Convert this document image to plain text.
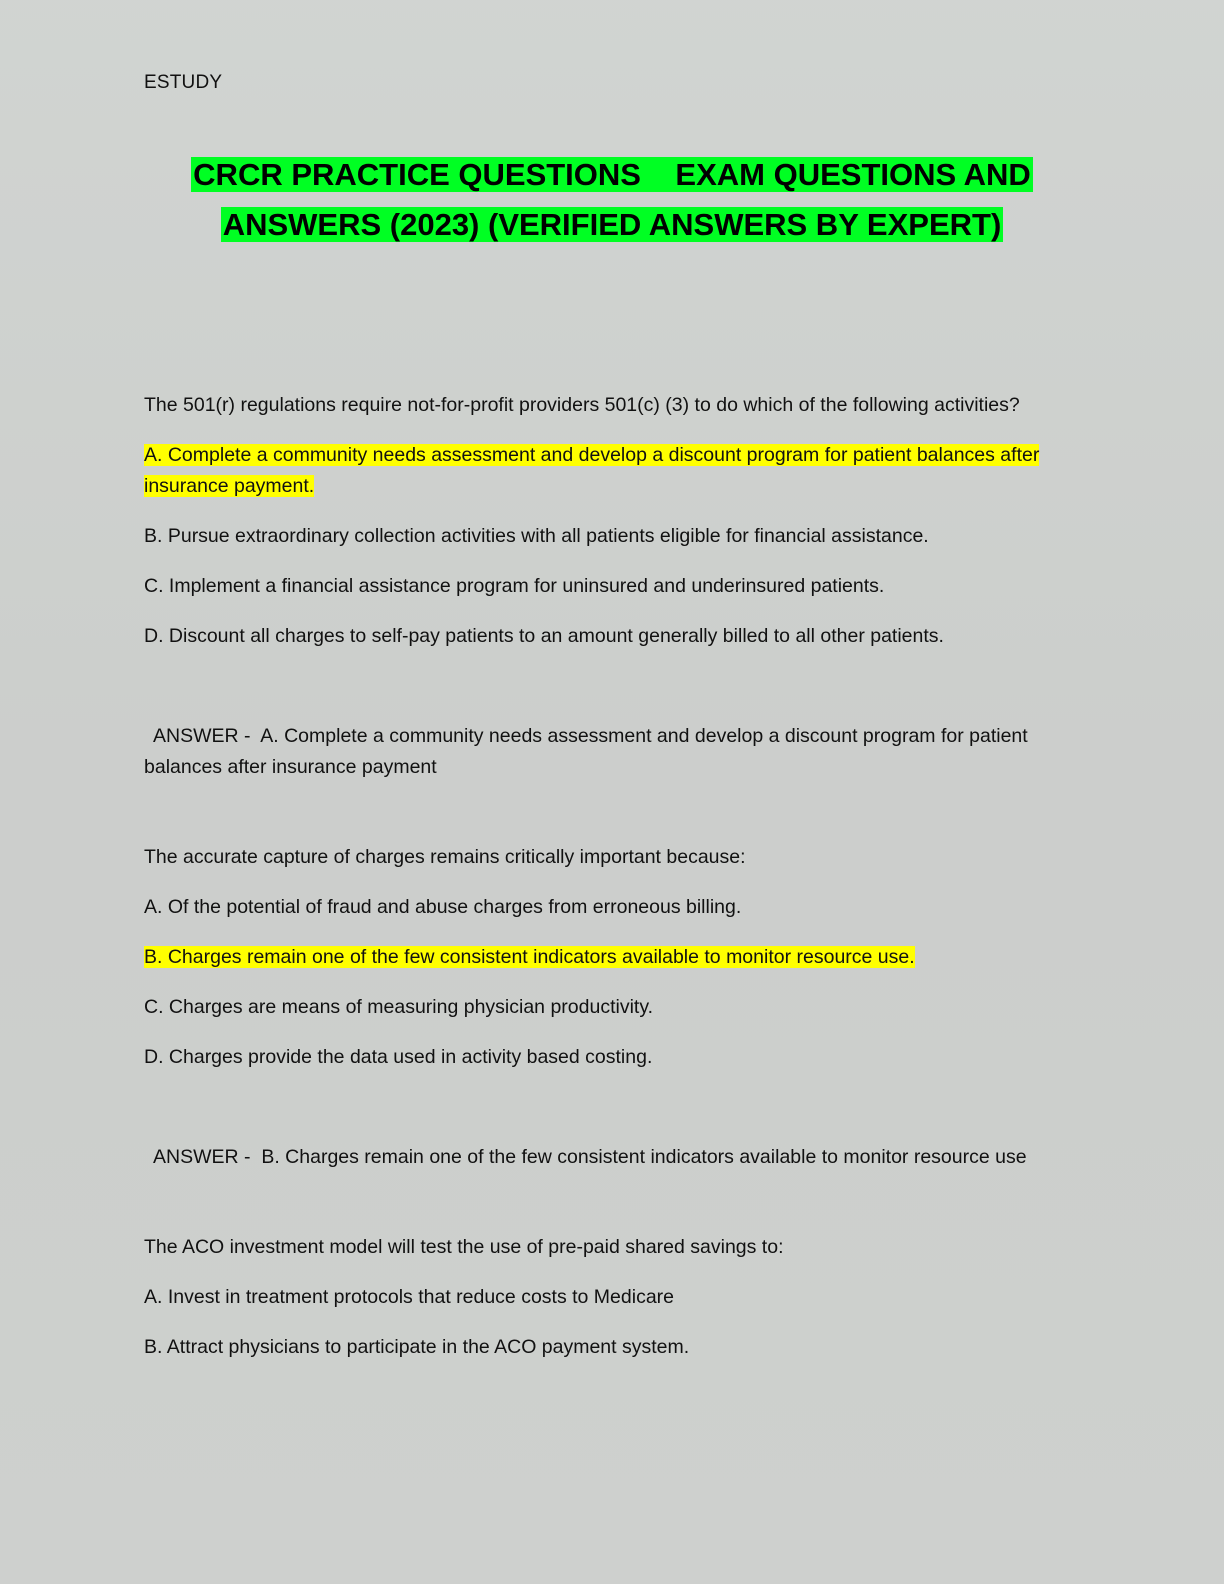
ESTUDY
CRCR PRACTICE QUESTIONS    EXAM QUESTIONS AND
ANSWERS (2023) (VERIFIED ANSWERS BY EXPERT)

The 501(r) regulations require not-for-profit providers 501(c) (3) to do which of the following activities?

A. Complete a community needs assessment and develop a discount program for patient balances after insurance payment.

B. Pursue extraordinary collection activities with all patients eligible for financial assistance.

C. Implement a financial assistance program for uninsured and underinsured patients.

D. Discount all charges to self-pay patients to an amount generally billed to all other patients.

ANSWER -  A. Complete a community needs assessment and develop a discount program for patient balances after insurance payment

The accurate capture of charges remains critically important because:

A. Of the potential of fraud and abuse charges from erroneous billing.

B. Charges remain one of the few consistent indicators available to monitor resource use.

C. Charges are means of measuring physician productivity.

D. Charges provide the data used in activity based costing.

ANSWER -  B. Charges remain one of the few consistent indicators available to monitor resource use

The ACO investment model will test the use of pre-paid shared savings to:

A. Invest in treatment protocols that reduce costs to Medicare

B. Attract physicians to participate in the ACO payment system.
